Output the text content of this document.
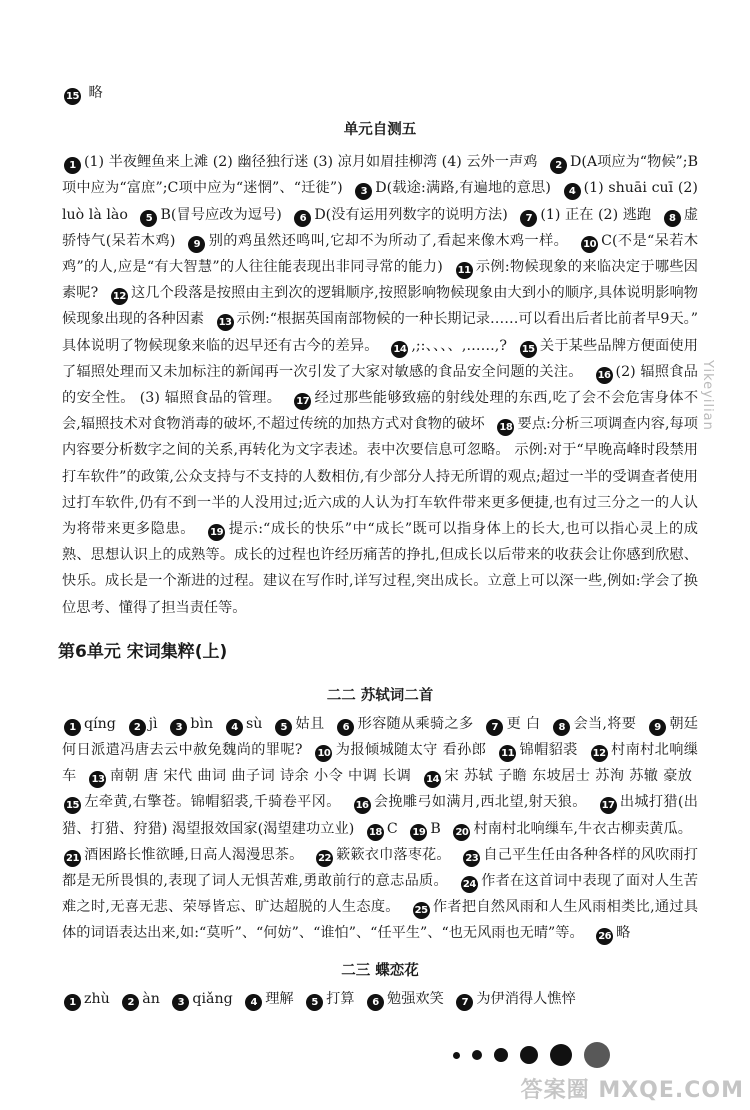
15 略

单元自测五

1 (1) 半夜鲤鱼来上滩 (2) 幽径独行迷 (3) 凉月如眉挂柳湾 (4) 云外一声鸡 2 D(A项应为“物候”;B项中应为“富庶”;C项中应为“迷惘”、“迁徙”) 3 D(载途:满路,有遍地的意思) 4 (1) shuāi cuī (2) luò là lào 5 B(冒号应改为逗号) 6 D(没有运用列数字的说明方法) 7 (1) 正在 (2) 逃跑 8 虚骄恃气(呆若木鸡) 9 别的鸡虽然还鸣叫,它却不为所动了,看起来像木鸡一样。 10 C(不是“呆若木鸡”的人,应是“有大智慧”的人往往能表现出非同寻常的能力) 11 示例:物候现象的来临决定于哪些因素呢? 12 这几个段落是按照由主到次的逻辑顺序,按照影响物候现象由大到小的顺序,具体说明影响物候现象出现的各种因素 13 示例:“根据英国南部物候的一种长期记录……可以看出后者比前者早9天。” 具体说明了物候现象来临的迟早还有古今的差异。 14 ,;:、、、、,……,? 15 关于某些品牌方便面使用了辐照处理而又未加标注的新闻再一次引发了大家对敏感的食品安全问题的关注。 16 (2) 辐照食品的安全性。 (3) 辐照食品的管理。 17 经过那些能够致癌的射线处理的东西,吃了会不会危害身体不会,辐照技术对食物消毒的破坏,不超过传统的加热方式对食物的破坏 18 要点:分析三项调查内容,每项内容要分析数字之间的关系,再转化为文字表述。表中次要信息可忽略。 示例:对于“早晚高峰时段禁用打车软件”的政策,公众支持与不支持的人数相仿,有少部分人持无所谓的观点;超过一半的受调查者使用过打车软件,仍有不到一半的人没用过;近六成的人认为打车软件带来更多便捷,也有过三分之一的人认为将带来更多隐患。 19 提示:“成长的快乐”中“成长”既可以指身体上的长大,也可以指心灵上的成熟、思想认识上的成熟等。成长的过程也许经历痛苦的挣扎,但成长以后带来的收获会让你感到欣慰、快乐。成长是一个渐进的过程。建议在写作时,详写过程,突出成长。立意上可以深一些,例如:学会了换位思考、懂得了担当责任等。

第6单元 宋词集粹(上)
二二 苏轼词二首

1 qíng 2 jì 3 bìn 4 sù 5 姑且 6 形容随从乘骑之多 7 更 白 8 会当,将要 9 朝廷何日派遣冯唐去云中赦免魏尚的罪呢? 10 为报倾城随太守 看孙郎 11 锦帽貂裘 12 村南村北响缫车 13 南朝 唐 宋代 曲词 曲子词 诗余 小令 中调 长调 14 宋 苏轼 子瞻 东坡居士 苏洵 苏辙 豪放 15 左牵黄,右擎苍。锦帽貂裘,千骑卷平冈。 16 会挽雕弓如满月,西北望,射天狼。 17 出城打猎(出猎、打猎、狩猎) 渴望报效国家(渴望建功立业) 18 C 19 B 20 村南村北响缫车,牛衣古柳卖黄瓜。 21 酒困路长惟欲睡,日高人渴漫思茶。 22 簌簌衣巾落枣花。 23 自己平生任由各种各样的风吹雨打都是无所畏惧的,表现了词人无惧苦难,勇敢前行的意志品质。 24 作者在这首词中表现了面对人生苦难之时,无喜无悲、荣辱皆忘、旷达超脱的人生态度。 25 作者把自然风雨和人生风雨相类比,通过具体的词语表达出来,如:“莫听”、“何妨”、“谁怕”、“任平生”、“也无风雨也无晴”等。 26 略

二三 蝶恋花

1 zhù 2 àn 3 qiǎng 4 理解 5 打算 6 勉强欢笑 7 为伊消得人憔悴

Yikeyilian
答案圈 MXQE.COM
